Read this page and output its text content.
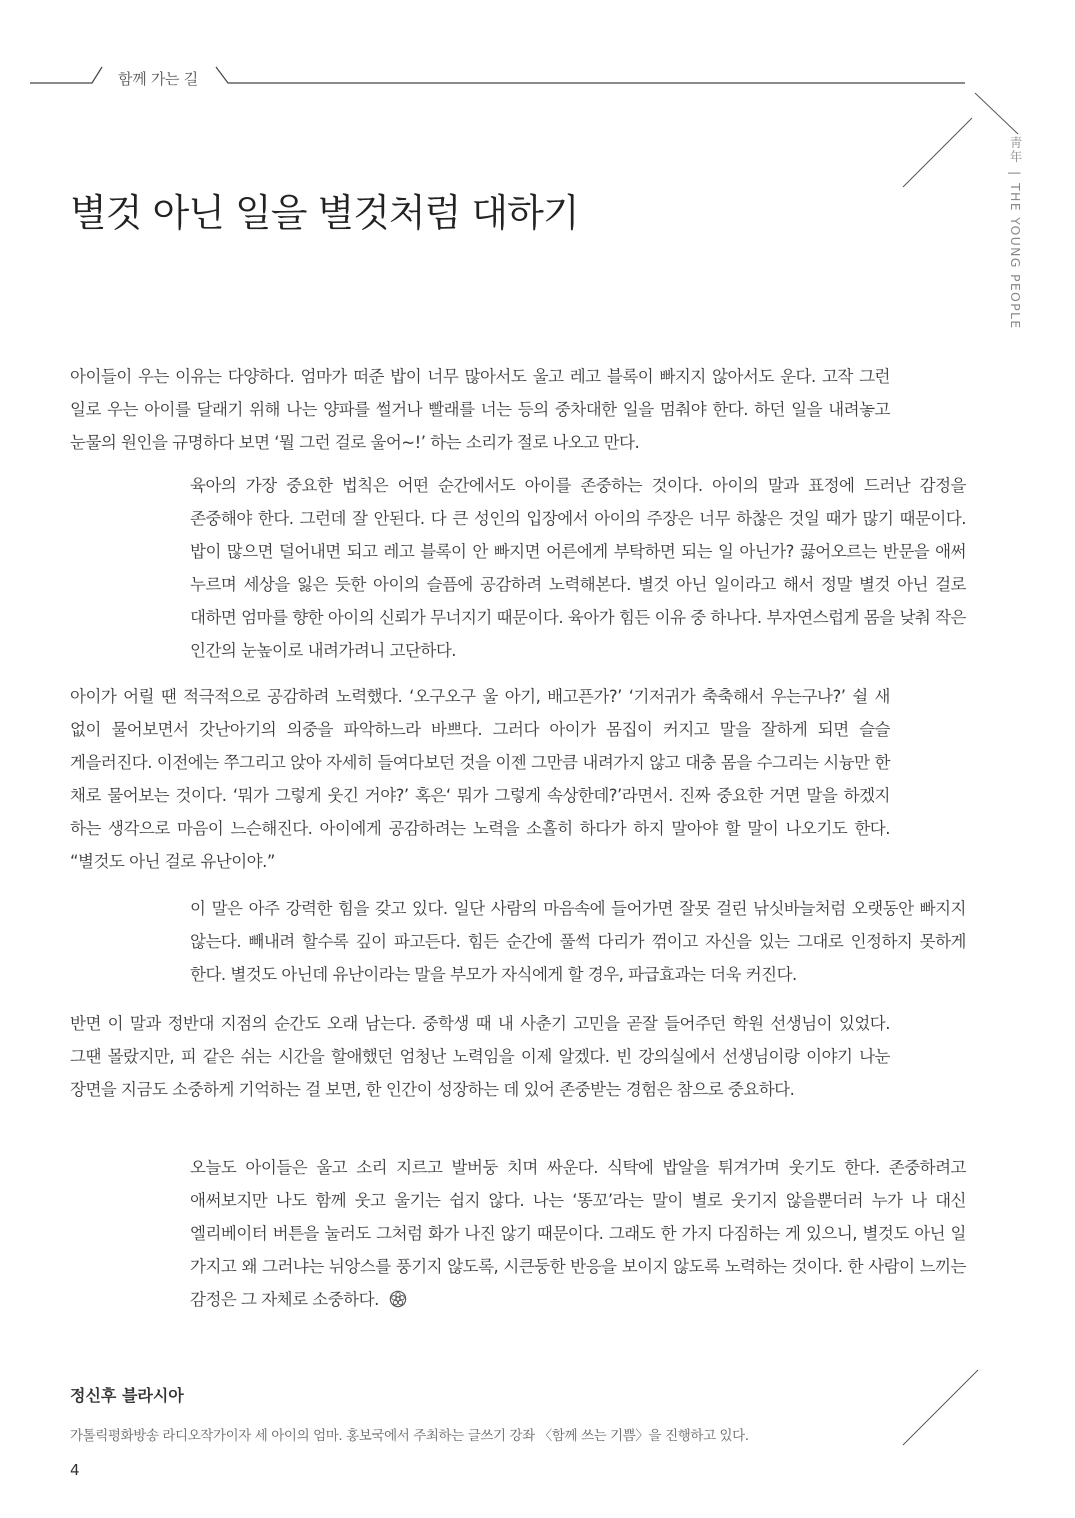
함께 가는 길
별것 아닌 일을 별것처럼 대하기
靑年|THE YOUNG PEOPLE

아이들이 우는 이유는 다양하다. 엄마가 떠준 밥이 너무 많아서도 울고 레고 블록이 빠지지 않아서도 운다. 고작 그런 일로 우는 아이를 달래기 위해 나는 양파를 썰거나 빨래를 너는 등의 중차대한 일을 멈춰야 한다. 하던 일을 내려놓고 눈물의 원인을 규명하다 보면 ‘뭘 그런 걸로 울어~!’ 하는 소리가 절로 나오고 만다.

육아의 가장 중요한 법칙은 어떤 순간에서도 아이를 존중하는 것이다. 아이의 말과 표정에 드러난 감정을 존중해야 한다. 그런데 잘 안된다. 다 큰 성인의 입장에서 아이의 주장은 너무 하찮은 것일 때가 많기 때문이다. 밥이 많으면 덜어내면 되고 레고 블록이 안 빠지면 어른에게 부탁하면 되는 일 아닌가? 끓어오르는 반문을 애써 누르며 세상을 잃은 듯한 아이의 슬픔에 공감하려 노력해본다. 별것 아닌 일이라고 해서 정말 별것 아닌 걸로 대하면 엄마를 향한 아이의 신뢰가 무너지기 때문이다. 육아가 힘든 이유 중 하나다. 부자연스럽게 몸을 낮춰 작은 인간의 눈높이로 내려가려니 고단하다.

아이가 어릴 땐 적극적으로 공감하려 노력했다. ‘오구오구 울 아기, 배고픈가?’ ‘기저귀가 축축해서 우는구나?’ 쉴 새 없이 물어보면서 갓난아기의 의중을 파악하느라 바쁘다. 그러다 아이가 몸집이 커지고 말을 잘하게 되면 슬슬 게을러진다. 이전에는 쭈그리고 앉아 자세히 들여다보던 것을 이젠 그만큼 내려가지 않고 대충 몸을 수그리는 시늉만 한 채로 물어보는 것이다. ‘뭐가 그렇게 웃긴 거야?’ 혹은‘ 뭐가 그렇게 속상한데?’라면서. 진짜 중요한 거면 말을 하겠지 하는 생각으로 마음이 느슨해진다. 아이에게 공감하려는 노력을 소홀히 하다가 하지 말아야 할 말이 나오기도 한다. “별것도 아닌 걸로 유난이야.”

이 말은 아주 강력한 힘을 갖고 있다. 일단 사람의 마음속에 들어가면 잘못 걸린 낚싯바늘처럼 오랫동안 빠지지 않는다. 빼내려 할수록 깊이 파고든다. 힘든 순간에 풀썩 다리가 꺾이고 자신을 있는 그대로 인정하지 못하게 한다. 별것도 아닌데 유난이라는 말을 부모가 자식에게 할 경우, 파급효과는 더욱 커진다.

반면 이 말과 정반대 지점의 순간도 오래 남는다. 중학생 때 내 사춘기 고민을 곧잘 들어주던 학원 선생님이 있었다. 그땐 몰랐지만, 피 같은 쉬는 시간을 할애했던 엄청난 노력임을 이제 알겠다. 빈 강의실에서 선생님이랑 이야기 나눈 장면을 지금도 소중하게 기억하는 걸 보면, 한 인간이 성장하는 데 있어 존중받는 경험은 참으로 중요하다.

오늘도 아이들은 울고 소리 지르고 발버둥 치며 싸운다. 식탁에 밥알을 튀겨가며 웃기도 한다. 존중하려고 애써보지만 나도 함께 웃고 울기는 쉽지 않다. 나는 ‘똥꼬’라는 말이 별로 웃기지 않을뿐더러 누가 나 대신 엘리베이터 버튼을 눌러도 그처럼 화가 나진 않기 때문이다. 그래도 한 가지 다짐하는 게 있으니, 별것도 아닌 일 가지고 왜 그러냐는 뉘앙스를 풍기지 않도록, 시큰둥한 반응을 보이지 않도록 노력하는 것이다. 한 사람이 느끼는 감정은 그 자체로 소중하다.

정신후 블라시아
가톨릭평화방송 라디오작가이자 세 아이의 엄마. 홍보국에서 주최하는 글쓰기 강좌 〈함께 쓰는 기쁨〉을 진행하고 있다.
4
